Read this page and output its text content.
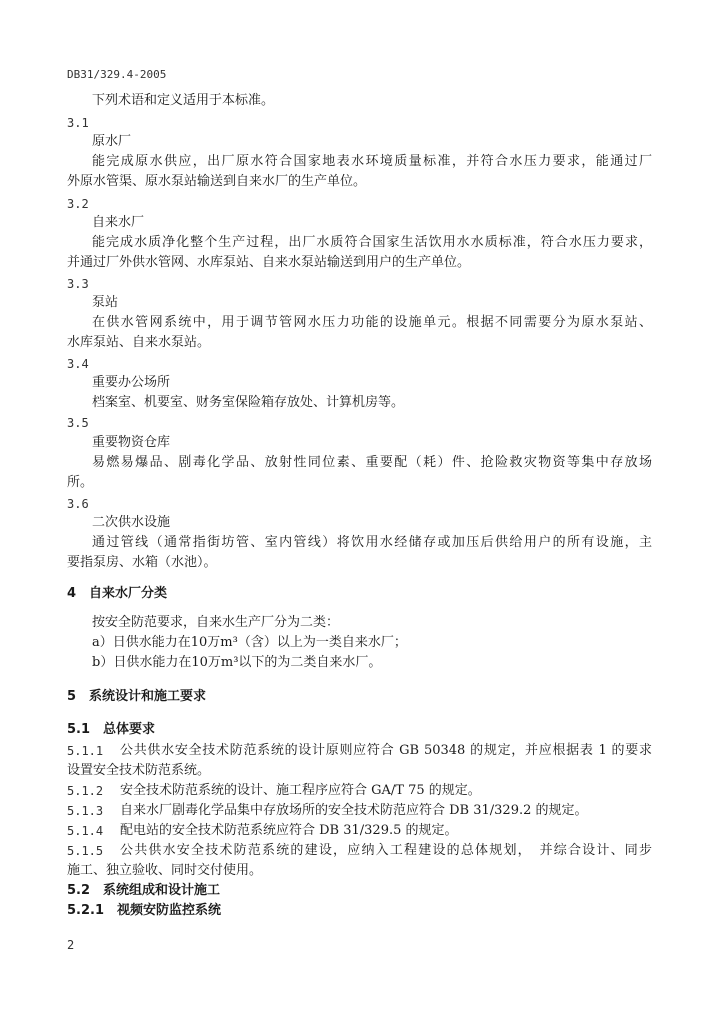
DB31/329.4-2005
下列术语和定义适用于本标准。
3.1
原水厂
能完成原水供应，出厂原水符合国家地表水环境质量标准，并符合水压力要求，能通过厂
外原水管渠、原水泵站输送到自来水厂的生产单位。
3.2
自来水厂
能完成水质净化整个生产过程，出厂水质符合国家生活饮用水水质标准，符合水压力要求，
并通过厂外供水管网、水库泵站、自来水泵站输送到用户的生产单位。
3.3
泵站
在供水管网系统中，用于调节管网水压力功能的设施单元。根据不同需要分为原水泵站、
水库泵站、自来水泵站。
3.4
重要办公场所
档案室、机要室、财务室保险箱存放处、计算机房等。
3.5
重要物资仓库
易燃易爆品、剧毒化学品、放射性同位素、重要配（耗）件、抢险救灾物资等集中存放场
所。
3.6
二次供水设施
通过管线（通常指街坊管、室内管线）将饮用水经储存或加压后供给用户的所有设施，主
要指泵房、水箱（水池）。
4　自来水厂分类
按安全防范要求，自来水生产厂分为二类：
a）日供水能力在10万m³（含）以上为一类自来水厂；
b）日供水能力在10万m³以下的为二类自来水厂。
5　系统设计和施工要求
5.1　总体要求
5.1.1 公共供水安全技术防范系统的设计原则应符合 GB 50348 的规定，并应根据表 1 的要求
设置安全技术防范系统。
5.1.2 安全技术防范系统的设计、施工程序应符合 GA/T 75 的规定。
5.1.3 自来水厂剧毒化学品集中存放场所的安全技术防范应符合 DB 31/329.2 的规定。
5.1.4 配电站的安全技术防范系统应符合 DB 31/329.5 的规定。
5.1.5 公共供水安全技术防范系统的建设，应纳入工程建设的总体规划，　并综合设计、同步
施工、独立验收、同时交付使用。
5.2　系统组成和设计施工
5.2.1　视频安防监控系统
2
